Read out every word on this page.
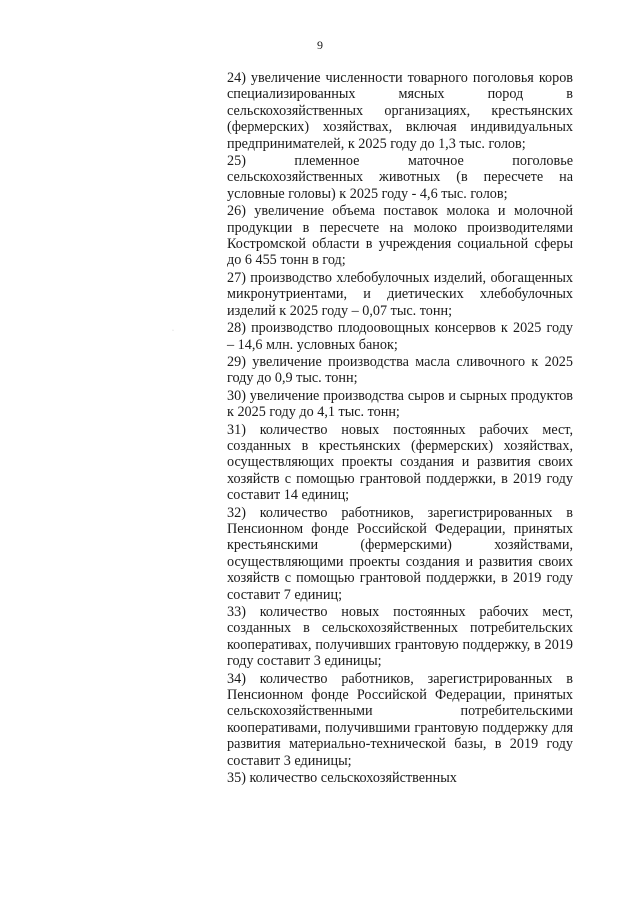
9
·

24) увеличение численности товарного поголовья коров специализированных мясных пород в сельскохозяйственных организациях, крестьянских (фермерских) хозяйствах, включая индивидуальных предпринимателей, к 2025 году до 1,3 тыс. голов;

25) племенное маточное поголовье сельскохозяйственных животных (в пересчете на условные головы) к 2025 году - 4,6 тыс. голов;

26) увеличение объема поставок молока и молочной продукции в пересчете на молоко производителями Костромской области в учреждения социальной сферы до 6 455 тонн в год;

27) производство хлебобулочных изделий, обогащенных микронутриентами, и диетических хлебобулочных изделий к 2025 году – 0,07 тыс. тонн;

28) производство плодоовощных консервов к 2025 году – 14,6 млн. условных банок;

29) увеличение производства масла сливочного к 2025 году до 0,9 тыс. тонн;

30) увеличение производства сыров и сырных продуктов к 2025 году до 4,1 тыс. тонн;

31) количество новых постоянных рабочих мест, созданных в крестьянских (фермерских) хозяйствах, осуществляющих проекты создания и развития своих хозяйств с помощью грантовой поддержки, в 2019 году составит 14 единиц;

32) количество работников, зарегистрированных в Пенсионном фонде Российской Федерации, принятых крестьянскими (фермерскими) хозяйствами, осуществляющими проекты создания и развития своих хозяйств с помощью грантовой поддержки, в 2019 году составит 7 единиц;

33) количество новых постоянных рабочих мест, созданных в сельскохозяйственных потребительских кооперативах, получивших грантовую поддержку, в 2019 году составит 3 единицы;

34) количество работников, зарегистрированных в Пенсионном фонде Российской Федерации, принятых сельскохозяйственными потребительскими кооперативами, получившими грантовую поддержку для развития материально-технической базы, в 2019 году составит 3 единицы;

35) количество сельскохозяйственных
